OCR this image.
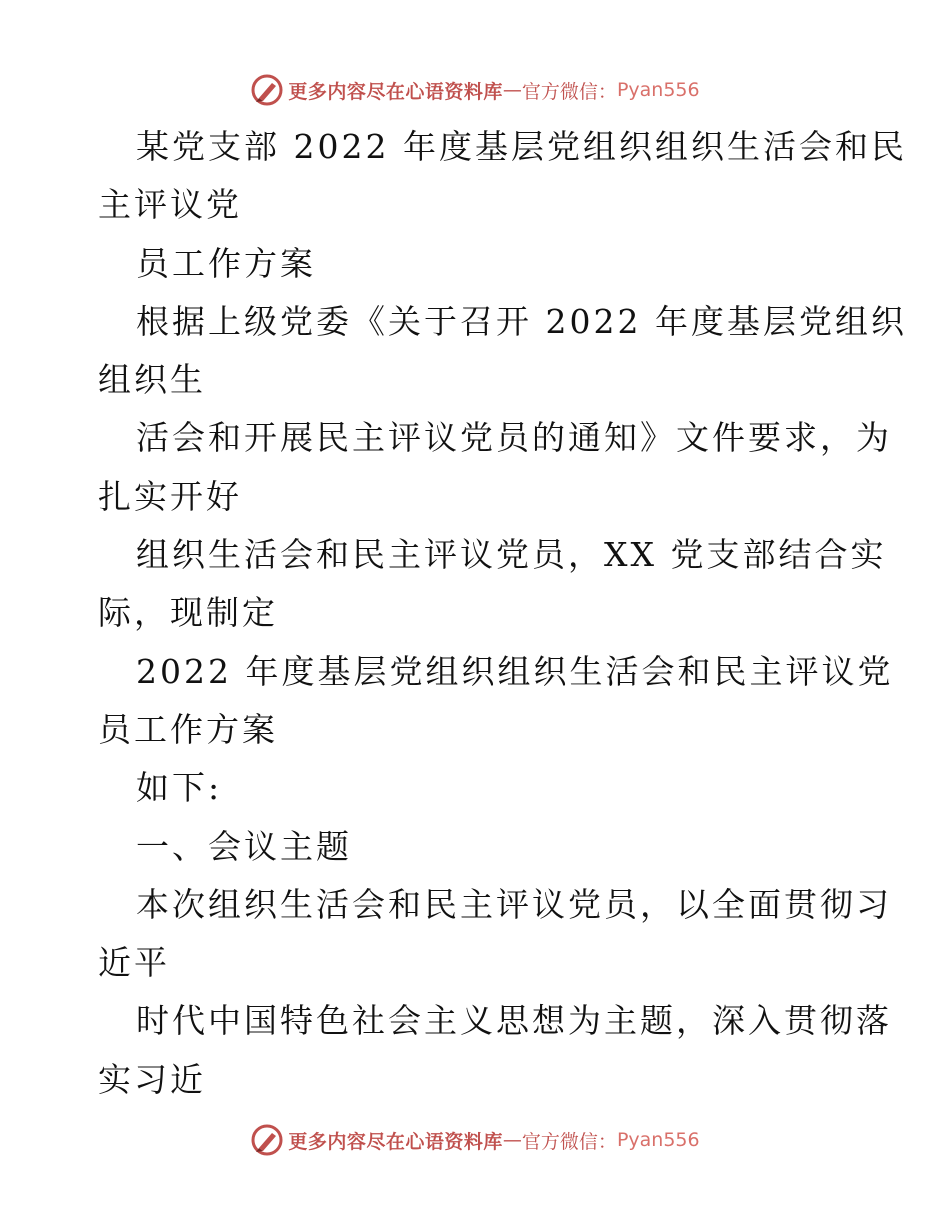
更多内容尽在心语资料库 — 官方微信： Pyan556
某党支部 2022 年度基层党组织组织生活会和民
主评议党
员工作方案
根据上级党委《关于召开 2022 年度基层党组织
组织生
活会和开展民主评议党员的通知》文件要求，为
扎实开好
组织生活会和民主评议党员，XX 党支部结合实
际，现制定
2022 年度基层党组织组织生活会和民主评议党
员工作方案
如下:
一、会议主题
本次组织生活会和民主评议党员，以全面贯彻习
近平
时代中国特色社会主义思想为主题，深入贯彻落
实习近
更多内容尽在心语资料库 — 官方微信： Pyan556
